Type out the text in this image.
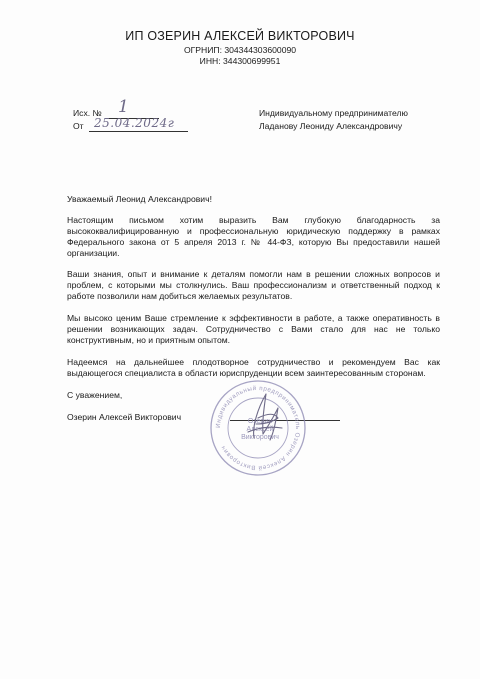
ИП ОЗЕРИН АЛЕКСЕЙ ВИКТОРОВИЧ
ОГРНИП: 304344303600090
ИНН: 344300699951
Исх. № 1
От 25.04.2024г
Индивидуальному предпринимателю
Ладанову Леониду Александровичу
Уважаемый Леонид Александрович!
Настоящим письмом хотим выразить Вам глубокую благодарность за высококвалифицированную и профессиональную юридическую поддержку в рамках Федерального закона от 5 апреля 2013 г. № 44-ФЗ, которую Вы предоставили нашей организации.
Ваши знания, опыт и внимание к деталям помогли нам в решении сложных вопросов и проблем, с которыми мы столкнулись. Ваш профессионализм и ответственный подход к работе позволили нам добиться желаемых результатов.
Мы высоко ценим Ваше стремление к эффективности в работе, а также оперативность в решении возникающих задач. Сотрудничество с Вами стало для нас не только конструктивным, но и приятным опытом.
Надеемся на дальнейшее плодотворное сотрудничество и рекомендуем Вас как выдающегося специалиста в области юриспруденции всем заинтересованным сторонам.
С уважением,
Озерин Алексей Викторович
Индивидуальный предприниматель Озерин Алексей Викторович
Озерин
Алексей
Викторович
